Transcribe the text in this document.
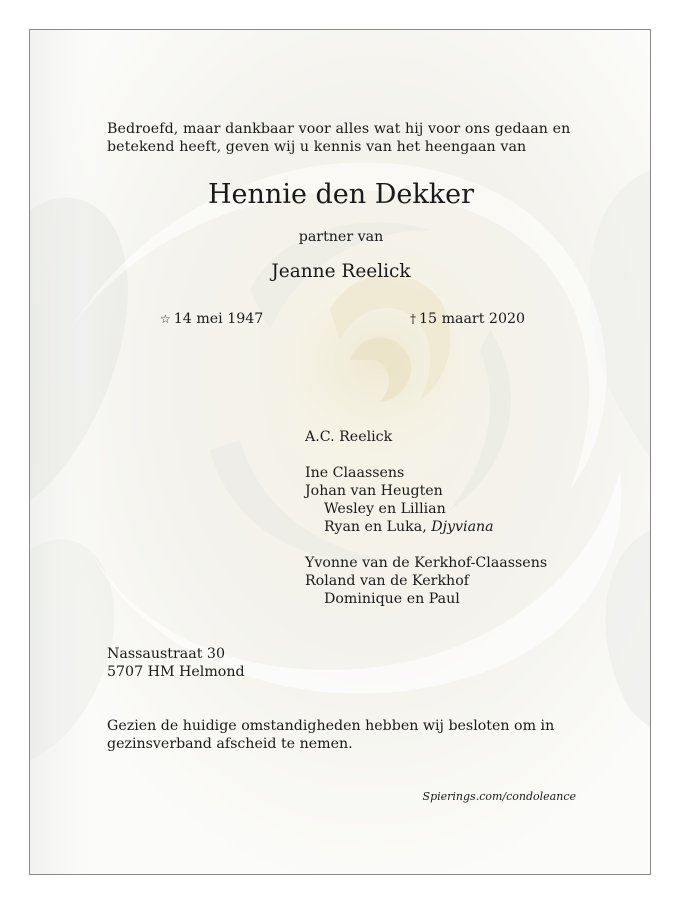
Bedroefd, maar dankbaar voor alles wat hij voor ons gedaan en
betekend heeft, geven wij u kennis van het heengaan van
Hennie den Dekker
partner van
Jeanne Reelick
☆ 14 mei 1947	† 15 maart 2020
A.C. Reelick
Ine Claassens
Johan van Heugten
Wesley en Lillian
Ryan en Luka, Djyviana
Yvonne van de Kerkhof-Claassens
Roland van de Kerkhof
Dominique en Paul
Nassaustraat 30
5707 HM Helmond
Gezien de huidige omstandigheden hebben wij besloten om in
gezinsverband afscheid te nemen.
Spierings.com/condoleance
